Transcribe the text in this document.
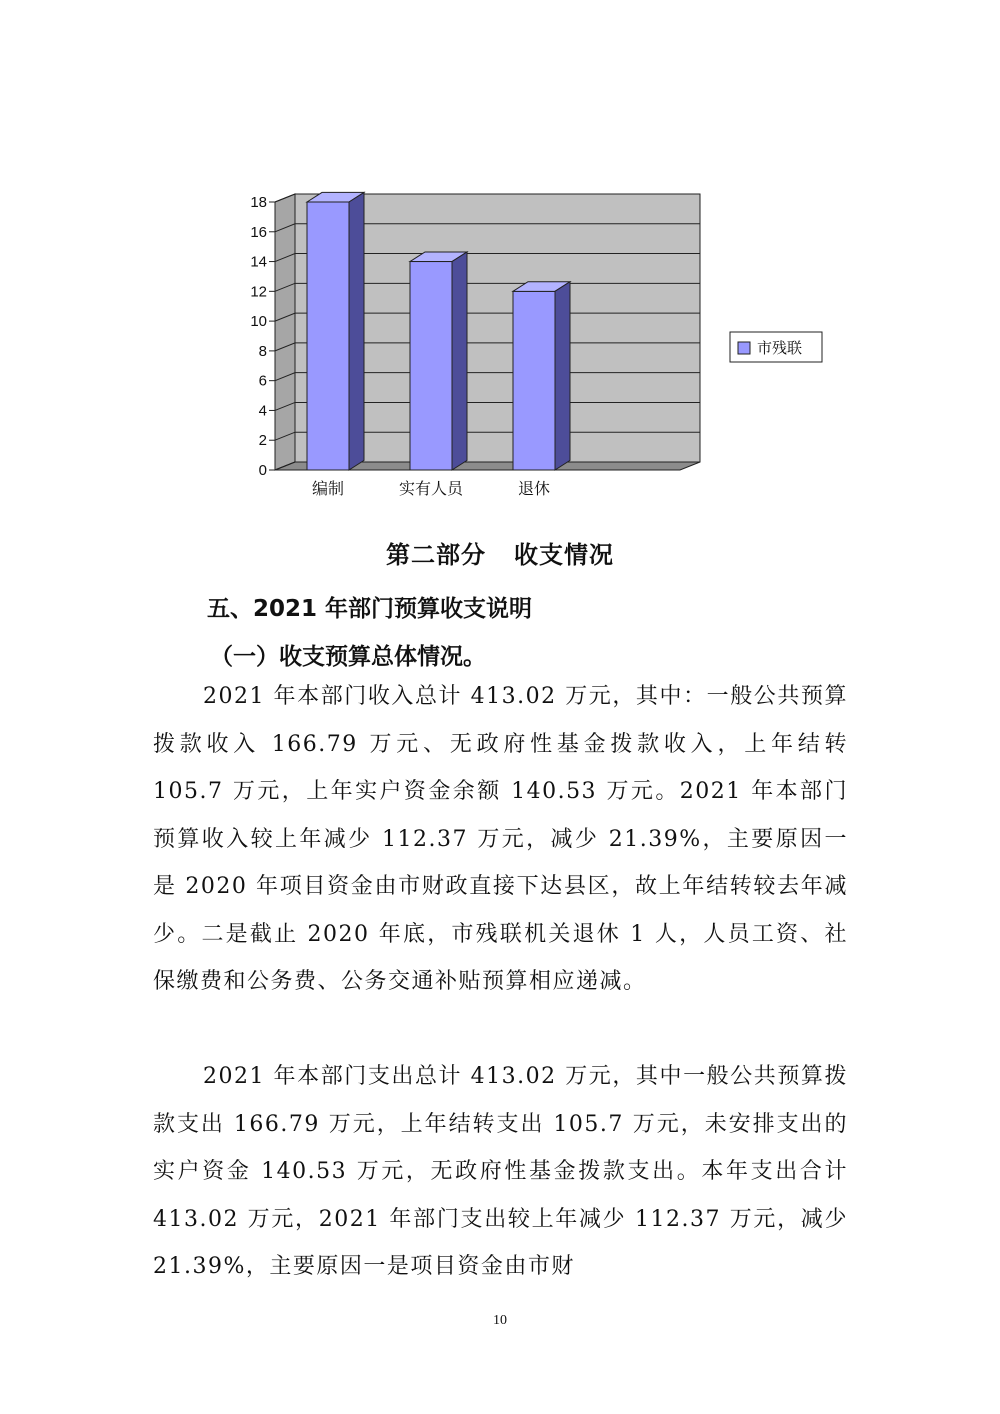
0
2
4
6
8
10
12
14
16
18
编制	实有人员	退休
市残联
第二部分   收支情况
五、2021 年部门预算收支说明
（一）收支预算总体情况。

2021 年本部门收入总计 413.02 万元，其中：一般公共预算拨款收入 166.79 万元、无政府性基金拨款收入，上年结转 105.7 万元，上年实户资金余额 140.53 万元。2021 年本部门预算收入较上年减少 112.37 万元，减少 21.39%，主要原因一是 2020 年项目资金由市财政直接下达县区，故上年结转较去年减少。二是截止 2020 年底，市残联机关退休 1 人，人员工资、社保缴费和公务费、公务交通补贴预算相应递减。

2021 年本部门支出总计 413.02 万元，其中一般公共预算拨款支出 166.79 万元，上年结转支出 105.7 万元，未安排支出的实户资金 140.53 万元，无政府性基金拨款支出。本年支出合计 413.02 万元，2021 年部门支出较上年减少 112.37 万元，减少 21.39%，主要原因一是项目资金由市财

10
